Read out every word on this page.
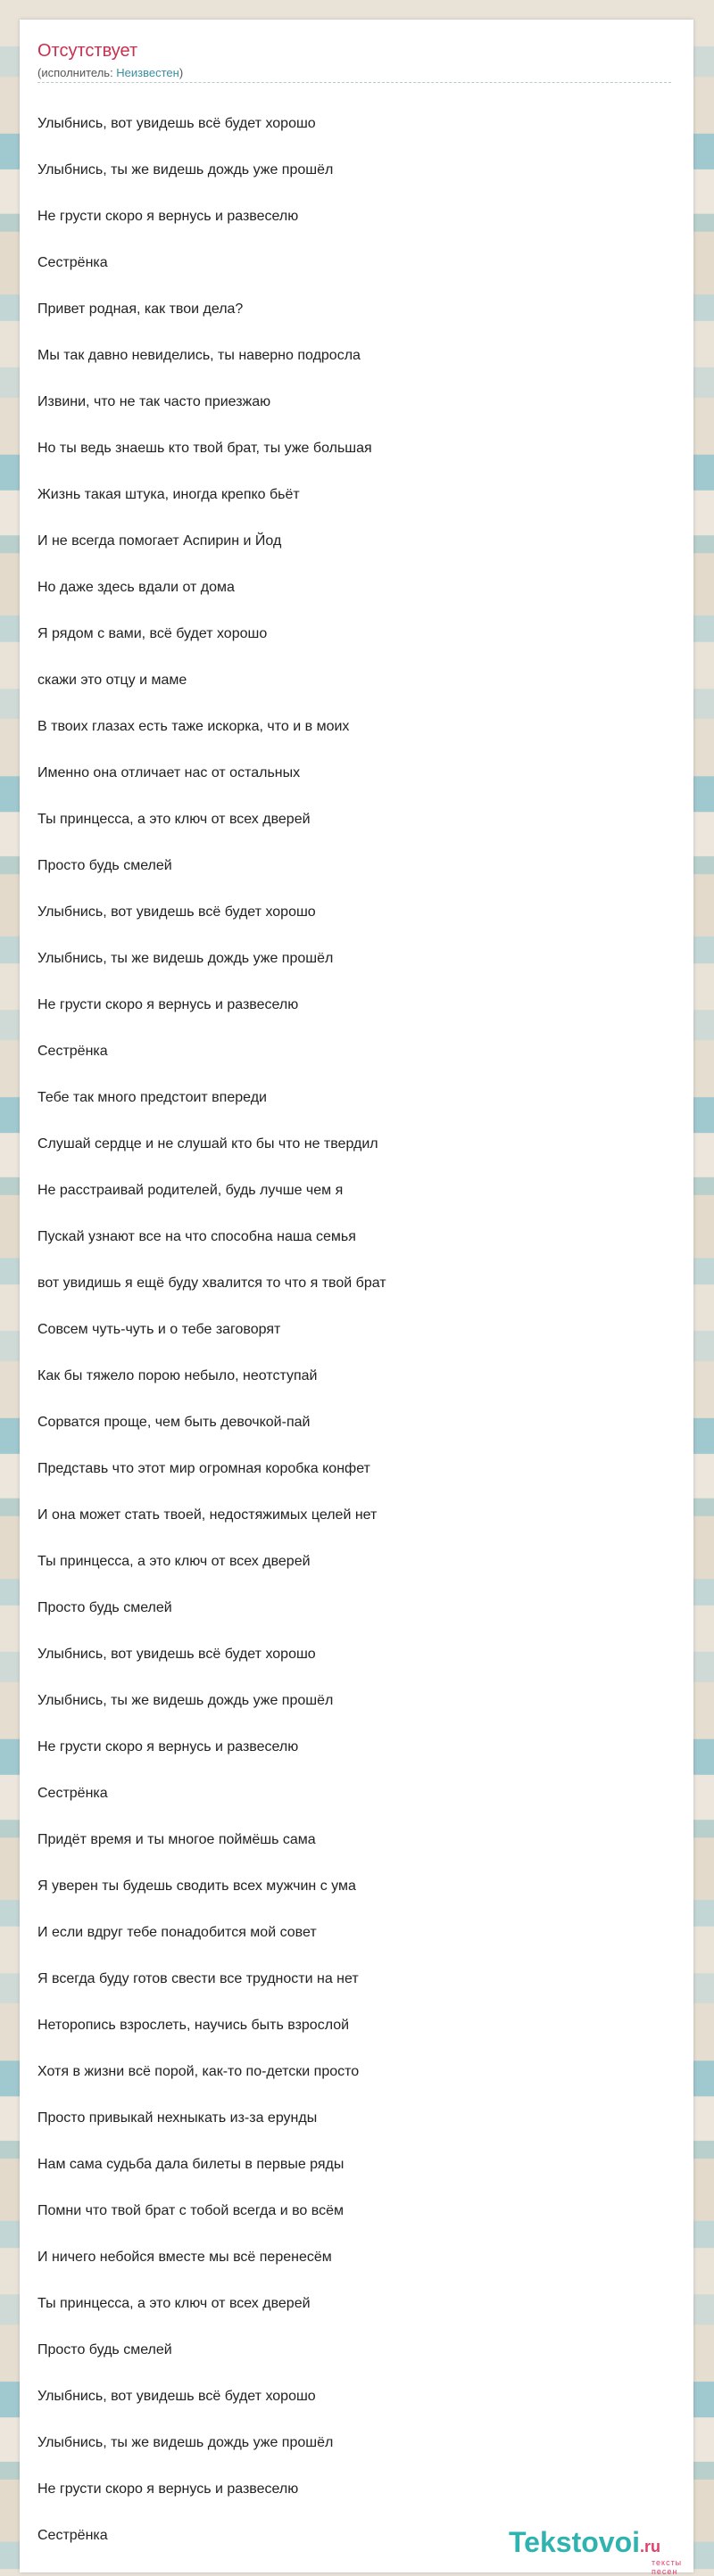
Отсутствует
(исполнитель: Неизвестен)
Улыбнись, вот увидешь всё будет хорошо
Улыбнись, ты же видешь дождь уже прошёл
Не грусти скоро я вернусь и развеселю
Сестрёнка
Привет родная, как твои дела?
Мы так давно невиделись, ты наверно подросла
Извини, что не так часто приезжаю
Но ты ведь знаешь кто твой брат, ты уже большая
Жизнь такая штука, иногда крепко бьёт
И не всегда помогает Аспирин и Йод
Но даже здесь вдали от дома
Я рядом с вами, всё будет хорошо
скажи это отцу и маме
В твоих глазах есть таже искорка, что и в моих
Именно она отличает нас от остальных
Ты принцесса, а это ключ от всех дверей
Просто будь смелей
Улыбнись, вот увидешь всё будет хорошо
Улыбнись, ты же видешь дождь уже прошёл
Не грусти скоро я вернусь и развеселю
Сестрёнка
Тебе так много предстоит впереди
Слушай сердце и не слушай кто бы что не твердил
Не расстраивай родителей, будь лучше чем я
Пускай узнают все на что способна наша семья
вот увидишь я ещё буду хвалится то что я твой брат
Совсем чуть-чуть и о тебе заговорят
Как бы тяжело порою небыло, неотступай
Сорватся проще, чем быть девочкой-пай
Представь что этот мир огромная коробка конфет
И она может стать твоей, недостяжимых целей нет
Ты принцесса, а это ключ от всех дверей
Просто будь смелей
Улыбнись, вот увидешь всё будет хорошо
Улыбнись, ты же видешь дождь уже прошёл
Не грусти скоро я вернусь и развеселю
Сестрёнка
Придёт время и ты многое поймёшь сама
Я уверен ты будешь сводить всех мужчин с ума
И если вдруг тебе понадобится мой совет
Я всегда буду готов свести все трудности на нет
Неторопись взрослеть, научись быть взрослой
Хотя в жизни всё порой, как-то по-детски просто
Просто привыкай нехныкать из-за ерунды
Нам сама судьба дала билеты в первые ряды
Помни что твой брат с тобой всегда и во всём
И ничего небойся вместе мы всё перенесём
Ты принцесса, а это ключ от всех дверей
Просто будь смелей
Улыбнись, вот увидешь всё будет хорошо
Улыбнись, ты же видешь дождь уже прошёл
Не грусти скоро я вернусь и развеселю
Сестрёнка	Tekstovoi.ru
тексты песен
